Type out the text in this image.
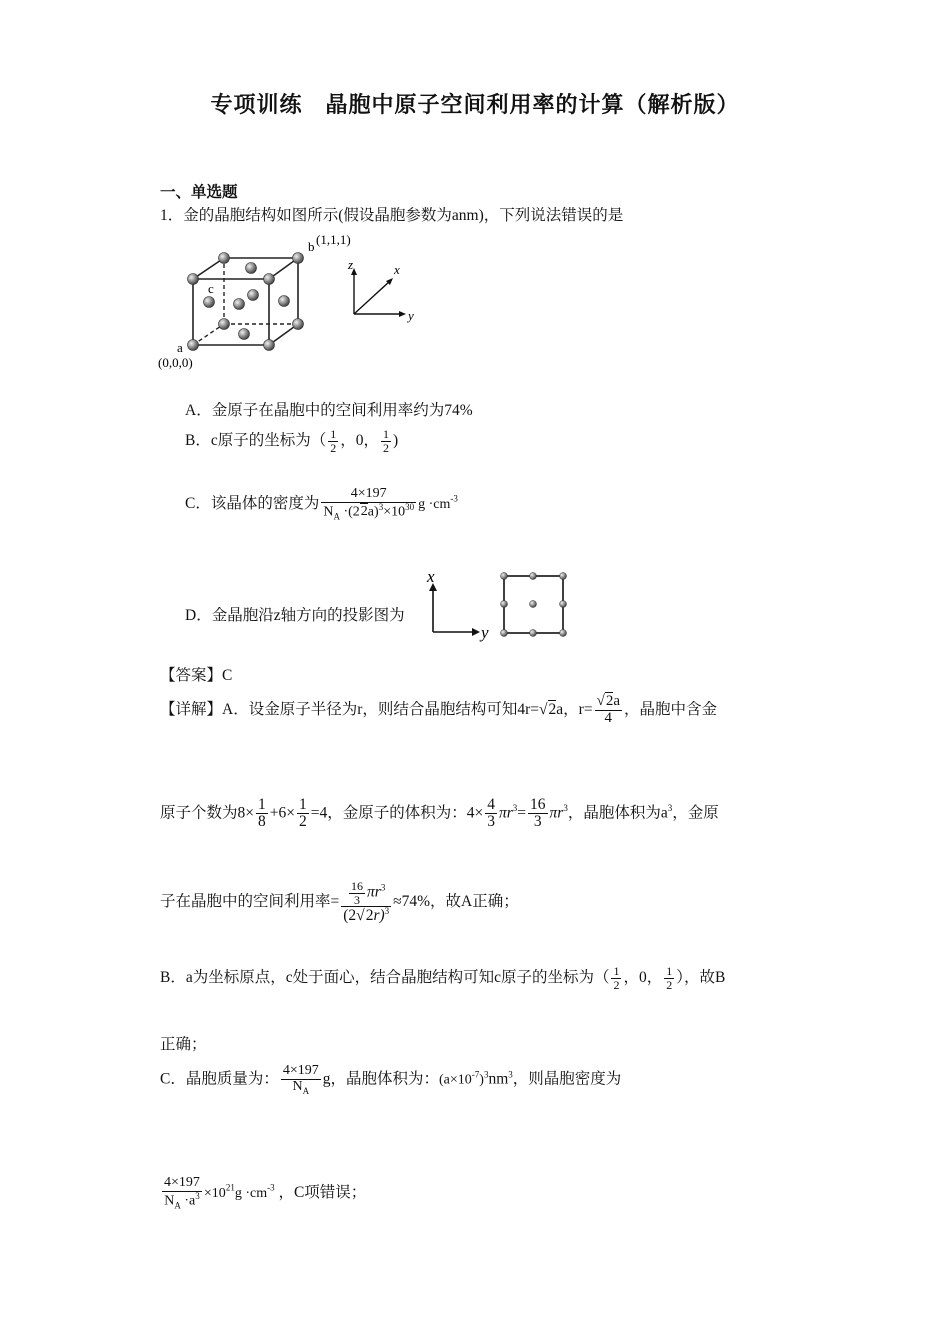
专项训练　晶胞中原子空间利用率的计算（解析版）
一、单选题
1．金的晶胞结构如图所示(假设晶胞参数为anm)，下列说法错误的是
b (1,1,1)
c
a
(0,0,0)
z	x
y
A．金原子在晶胞中的空间利用率约为74%
B．c原子的坐标为（ $\frac{1}{2}$ ，0， $\frac{1}{2}$ )
C．该晶体的密度为 $\frac{4\times 197}{N_A \cdot(22a)^3\times 10^{30}}$ $g \cdot cm^{-3}$
D．金晶胞沿z轴方向的投影图为
x
y
【答案】C
【详解】A．设金原子半径为r，则结合晶胞结构可知4r=√2a，$r= \frac{√2a}{4}$ ，晶胞中含金
原子个数为$8\times \frac{1}{8} +6\times \frac{1}{2} =4$，金原子的体积为：$4\times \frac{4}{3} \pi r^3= \frac{16}{3} \pi r^3$，晶胞体积为$a^3$，金原
子在晶胞中的空间利用率= $\frac{\frac{16}{3} \pi r^3}{(2√2r)^3} \approx 74\%$，故A正确；
B．a为坐标原点，c处于面心，结合晶胞结构可知c原子的坐标为（ $\frac{1}{2}$ ，0， $\frac{1}{2}$ ），故B
正确；
C．晶胞质量为： $\frac{4\times 197}{N_A}$ g，晶胞体积为：$(a\times 10^{-7})^3nm^3$，则晶胞密度为
$\frac{4\times 197}{N_A \cdot a^3} \times 10^{21}g \cdot cm^{-3}$ ，C项错误；
